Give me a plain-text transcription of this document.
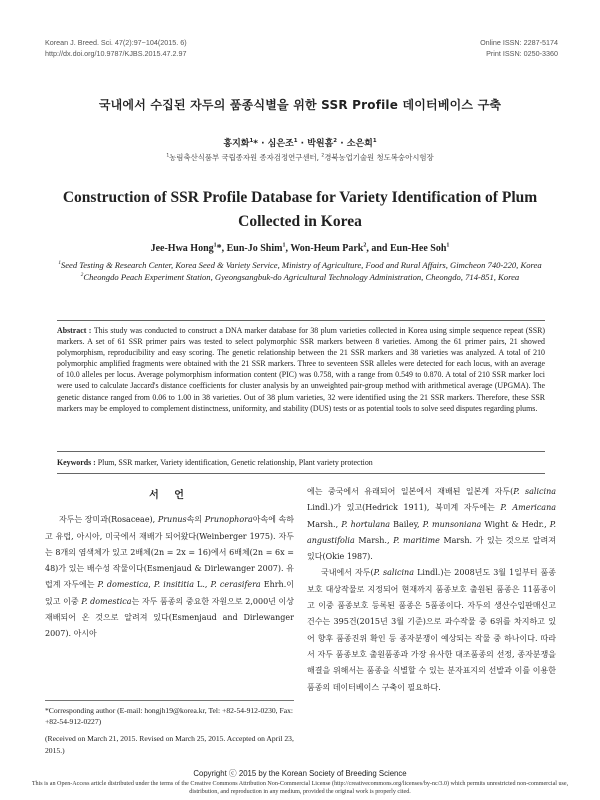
Korean J. Breed. Sci. 47(2):97~104(2015. 6)
http://dx.doi.org/10.9787/KJBS.2015.47.2.97
Online ISSN: 2287-5174
Print ISSN: 0250-3360
국내에서 수집된 자두의 품종식별을 위한 SSR Profile 데이터베이스 구축
홍지화$^1$* · 심은조$^1$ · 박원흠$^2$ · 소은희$^1$
$^1$농림축산식품부 국립종자원 종자검정연구센터, $^2$경북농업기술원 청도복숭아시험장
Construction of SSR Profile Database for Variety Identification of Plum Collected in Korea
Jee-Hwa Hong$^1$*, Eun-Jo Shim$^1$, Won-Heum Park$^2$, and Eun-Hee Soh$^1$

$^1$Seed Testing & Research Center, Korea Seed & Variety Service, Ministry of Agriculture, Food and Rural Affairs, Gimcheon 740-220, Korea

$^2$Cheongdo Peach Experiment Station, Gyeongsangbuk-do Agricultural Technology Administration, Cheongdo, 714-851, Korea

Abstract : This study was conducted to construct a DNA marker database for 38 plum varieties collected in Korea using simple sequence repeat (SSR) markers. A set of 61 SSR primer pairs was tested to select polymorphic SSR markers between 8 varieties. Among the 61 primer pairs, 21 showed polymorphism, reproducibility and easy scoring. The genetic relationship between the 21 SSR markers and 38 varieties was analyzed. A total of 210 polymorphic amplified fragments were obtained with the 21 SSR markers. Three to seventeen SSR alleles were detected for each locus, with an average of 10.0 alleles per locus. Average polymorphism information content (PIC) was 0.758, with a range from 0.549 to 0.870. A total of 210 SSR marker loci were used to calculate Jaccard's distance coefficients for cluster analysis by an unweighted pair-group method with arithmetical average (UPGMA). The genetic distance ranged from 0.06 to 1.00 in 38 varieties. Out of 38 plum varieties, 32 were identified using the 21 SSR markers. Therefore, these SSR markers may be employed to complement distinctness, uniformity, and stability (DUS) tests or as potential tools to solve seed disputes regarding plums.
Keywords : Plum, SSR marker, Variety identification, Genetic relationship, Plant variety protection
서 언

자두는 장미과(Rosaceae), Prunus속의 Prunophora아속에 속하고 유럽, 아시아, 미국에서 재배가 되어왔다(Weinberger 1975). 자두는 8개의 염색체가 있고 2배체(2n = 2x = 16)에서 6배체(2n = 6x = 48)가 있는 배수성 작물이다(Esmenjaud & Dirlewanger 2007). 유럽계 자두에는 P. domestica, P. insititia L., P. cerasifera Ehrh.이 있고 이중 P. domestica는 자두 품종의 중요한 자원으로 2,000년 이상 재배되어 온 것으로 알려져 있다(Esmenjaud and Dirlewanger 2007). 아시아

에는 중국에서 유래되어 일본에서 재배된 일본계 자두(P. salicina Lindl.)가 있고(Hedrick 1911), 북미계 자두에는 P. Americana Marsh., P. hortulana Bailey, P. munsoniana Wight & Hedr., P. angustifolia Marsh., P. maritime Marsh. 가 있는 것으로 알려져 있다(Okie 1987).

국내에서 자두(P. salicina Lindl.)는 2008년도 3월 1일부터 품종보호 대상작물로 지정되어 현재까지 품종보호 출원된 품종은 11품종이고 이중 품종보호 등록된 품종은 5품종이다. 자두의 생산수입판매신고 건수는 395건(2015년 3월 기준)으로 과수작물 중 6위를 차지하고 있어 향후 품종진위 확인 등 종자분쟁이 예상되는 작물 중 하나이다. 따라서 자두 품종보호 출원품종과 가장 유사한 대조품종의 선정, 종자분쟁을 해결을 위해서는 품종을 식별할 수 있는 분자표지의 선발과 이를 이용한 품종의 데이터베이스 구축이 필요하다.

*Corresponding author (E-mail: hongjh19@korea.kr, Tel: +82-54-912-0230, Fax: +82-54-912-0227)

(Received on March 21, 2015. Revised on March 25, 2015. Accepted on April 23, 2015.)

Copyright ⓒ 2015 by the Korean Society of Breeding Science
This is an Open-Access article distributed under the terms of the Creative Commons Attribution Non-Commercial License (http://creativecommons.org/licenses/by-nc/3.0) which permits unrestricted non-commercial use, distribution, and reproduction in any medium, provided the original work is properly cited.
